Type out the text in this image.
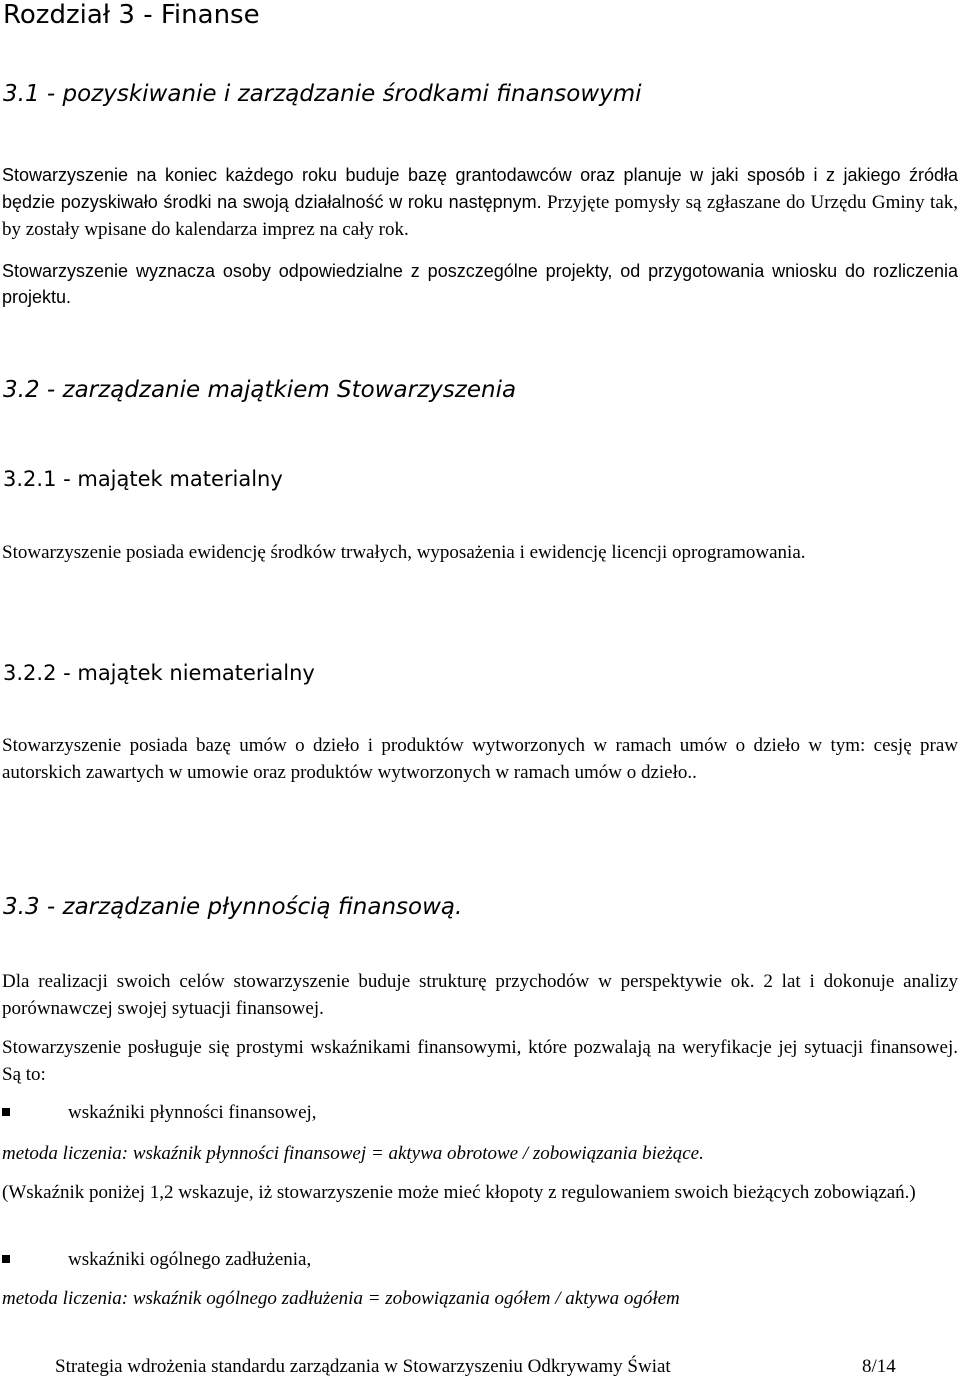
Rozdział 3 - Finanse
3.1 - pozyskiwanie i zarządzanie środkami finansowymi
Stowarzyszenie na koniec każdego roku buduje bazę grantodawców oraz planuje w jaki sposób i z jakiego źródła będzie pozyskiwało środki na swoją działalność w roku następnym. Przyjęte pomysły są zgłaszane do Urzędu Gminy tak, by zostały wpisane do kalendarza imprez na cały rok.
Stowarzyszenie wyznacza osoby odpowiedzialne z poszczególne projekty, od przygotowania wniosku do rozliczenia projektu.
3.2 - zarządzanie majątkiem Stowarzyszenia
3.2.1 - majątek materialny
Stowarzyszenie posiada ewidencję środków trwałych, wyposażenia i ewidencję licencji oprogramowania.
3.2.2 - majątek niematerialny
Stowarzyszenie posiada bazę umów o dzieło i produktów wytworzonych w ramach umów o dzieło w tym: cesję praw autorskich zawartych w umowie oraz produktów wytworzonych w ramach umów o dzieło..
3.3 - zarządzanie płynnością finansową.
Dla realizacji swoich celów stowarzyszenie buduje strukturę przychodów w perspektywie ok. 2 lat i dokonuje analizy porównawczej swojej sytuacji finansowej.
Stowarzyszenie posługuje się prostymi wskaźnikami finansowymi, które pozwalają na weryfikacje jej sytuacji finansowej. Są to:
wskaźniki płynności finansowej,
metoda liczenia: wskaźnik płynności finansowej = aktywa obrotowe / zobowiązania bieżące.
(Wskaźnik poniżej 1,2 wskazuje, iż stowarzyszenie może mieć kłopoty z regulowaniem swoich bieżących zobowiązań.)
wskaźniki ogólnego zadłużenia,
metoda liczenia: wskaźnik ogólnego zadłużenia = zobowiązania ogółem / aktywa ogółem
Strategia wdrożenia standardu zarządzania w Stowarzyszeniu Odkrywamy Świat	8/14
